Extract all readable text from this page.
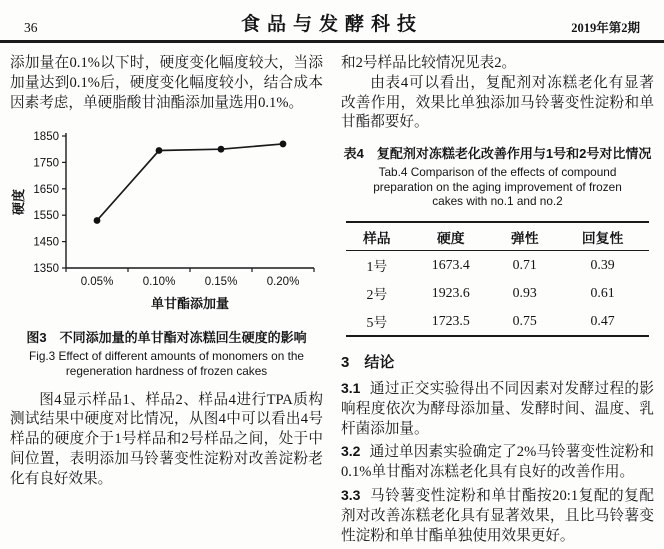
36	食品与发酵科技	2019年第2期

添加量在0.1%以下时，硬度变化幅度较大，当添加量达到0.1%后，硬度变化幅度较小，结合成本因素考虑，单硬脂酸甘油酯添加量选用0.1%。

1350
1450
1550
1650
1750
1850
0.05%	0.10%	0.15%	0.20%
单甘酯添加量
硬度
图3　不同添加量的单甘酯对冻糕回生硬度的影响
Fig.3 Effect of different amounts of monomers on the regeneration hardness of frozen cakes

图4显示样品1、样品2、样品4进行TPA质构测试结果中硬度对比情况，从图4中可以看出4号样品的硬度介于1号样品和2号样品之间，处于中间位置，表明添加马铃薯变性淀粉对改善淀粉老化有良好效果。

和2号样品比较情况见表2。

由表4可以看出，复配剂对冻糕老化有显著改善作用，效果比单独添加马铃薯变性淀粉和单甘酯都要好。

表4　复配剂对冻糕老化改善作用与1号和2号对比情况
Tab.4 Comparison of the effects of compound preparation on the aging improvement of frozen cakes with no.1 and no.2
样品	硬度	弹性	回复性
1号	1673.4	0.71	0.39
2号	1923.6	0.93	0.61
5号	1723.5	0.75	0.47
3　结论

3.1 通过正交实验得出不同因素对发酵过程的影响程度依次为酵母添加量、发酵时间、温度、乳杆菌添加量。

3.2 通过单因素实验确定了2%马铃薯变性淀粉和0.1%单甘酯对冻糕老化具有良好的改善作用。

3.3 马铃薯变性淀粉和单甘酯按20:1复配的复配剂对改善冻糕老化具有显著效果，且比马铃薯变性淀粉和单甘酯单独使用效果更好。
